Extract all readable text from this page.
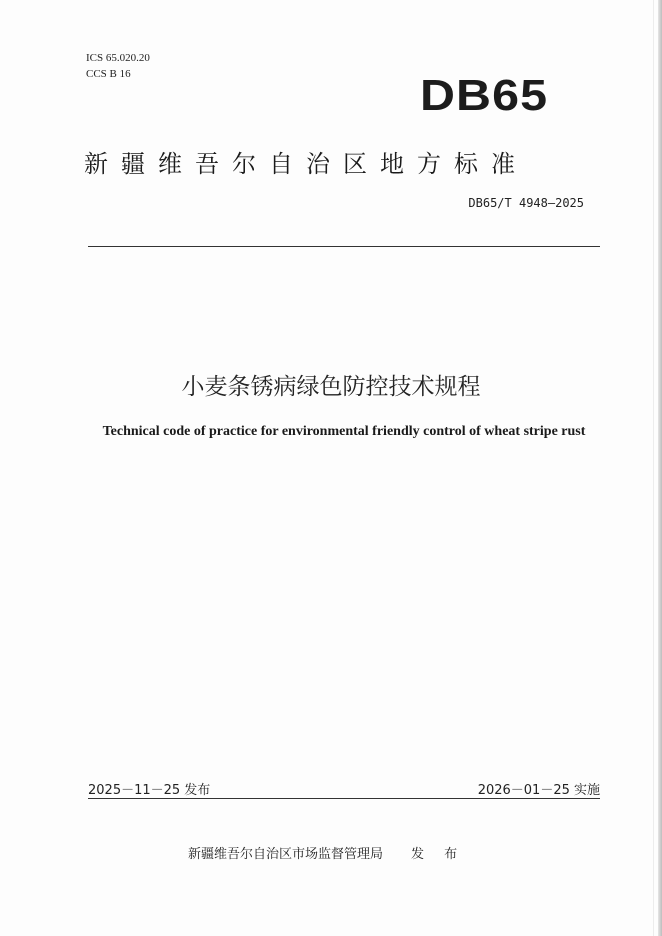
ICS 65.020.20
CCS B 16	DB65
新疆维吾尔自治区地方标准
DB65/T 4948—2025
小麦条锈病绿色防控技术规程
Technical code of practice for environmental friendly control of wheat stripe rust
2025－11－25 发布	2026－01－25 实施
新疆维吾尔自治区市场监督管理局 发 布
